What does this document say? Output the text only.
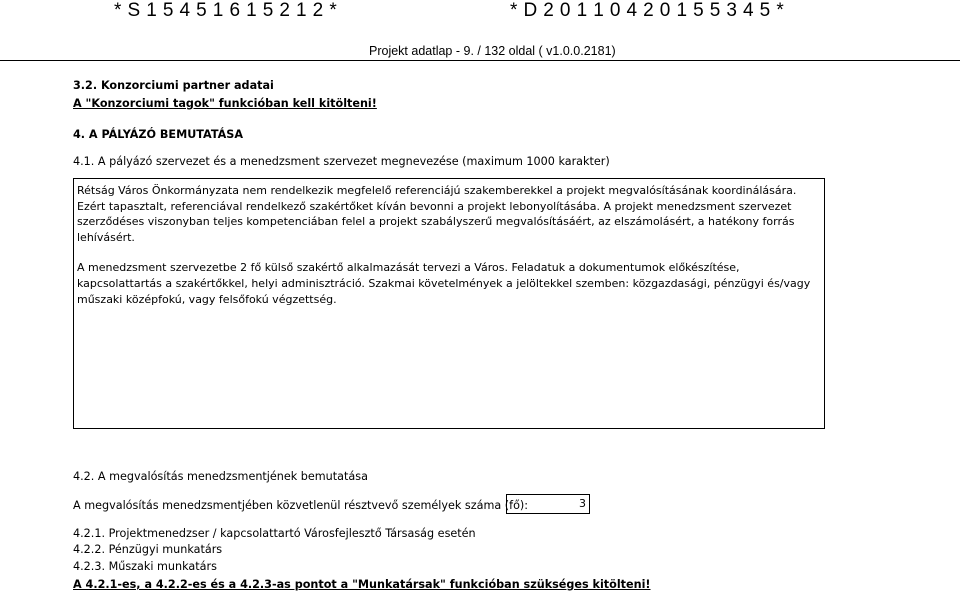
* S 1 5 4 5 1 6 1 5 2 1 2 *	* D 2 0 1 1 0 4 2 0 1 5 5 3 4 5 *
Projekt adatlap - 9. / 132 oldal ( v1.0.0.2181)
3.2. Konzorciumi partner adatai
A "Konzorciumi tagok" funkcióban kell kitölteni!
4. A PÁLYÁZÓ BEMUTATÁSA
4.1. A pályázó szervezet és a menedzsment szervezet megnevezése (maximum 1000 karakter)

Rétság Város Önkormányzata nem rendelkezik megfelelő referenciájú szakemberekkel a projekt megvalósításának koordinálására. Ezért tapasztalt, referenciával rendelkező szakértőket kíván bevonni a projekt lebonyolításába. A projekt menedzsment szervezet szerződéses viszonyban teljes kompetenciában felel a projekt szabályszerű megvalósításáért, az elszámolásért, a hatékony forrás lehívásért.

A menedzsment szervezetbe 2 fő külső szakértő alkalmazását tervezi a Város. Feladatuk a dokumentumok előkészítése, kapcsolattartás a szakértőkkel, helyi adminisztráció. Szakmai követelmények a jelöltekkel szemben: közgazdasági, pénzügyi és/vagy műszaki középfokú, vagy felsőfokú végzettség.

4.2. A megvalósítás menedzsmentjének bemutatása
A megvalósítás menedzsmentjében közvetlenül résztvevő személyek száma (fő):	3
4.2.1. Projektmenedzser / kapcsolattartó Városfejlesztő Társaság esetén
4.2.2. Pénzügyi munkatárs
4.2.3. Műszaki munkatárs
A 4.2.1-es, a 4.2.2-es és a 4.2.3-as pontot a "Munkatársak" funkcióban szükséges kitölteni!
